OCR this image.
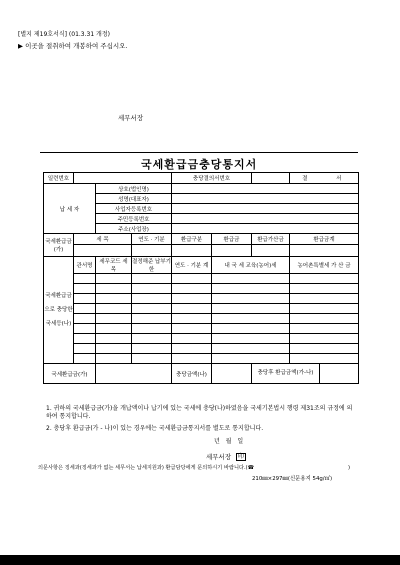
[별지 제19호서식] (01.3.31 개정)
▶ 이곳을 절취하여 개봉하여 주십시오.
세무서장
국세환급금충당통지서
일련번호				충당결의서번호			결	서
납 세 자		상호(법인명)						
		성명(대표자)						
		사업자등록번호						
		주민등록번호						
		주소(사업장)						
국세환급금 (가)	세 목		연도 · 기분	환급구분	환급금	환급가산금	환급금계	

국세환급금
으로 충당한
국세등(나)	관서명	세무코드 세 목	결정해준 납부기한	연도 · 기분 계	내 국 세 교육(농어)세		농어촌특별세 가 산 금	

국세환급금(가)				충당금액(나)		충당후 환급금액(가-나)		
1. 귀하의 국세환급금(가)을 개납액이나 납기에 있는 국세에 충당(나)하였음을 국세기본법시 행령 제31조의 규정에 의하여 통지합니다.
2. 충당후 환급금(가 - 나)이 있는 경우에는 국세환급금통지서를 별도로 통지합니다.
년 월 일
세무서장	印
의문사항은 징세과(징세과가 없는 세무서는 납세지원과) 환급담당에게 문의하시기 바랍니다.(☎	)
210㎜×297㎜(신문용지 54g/㎡)
